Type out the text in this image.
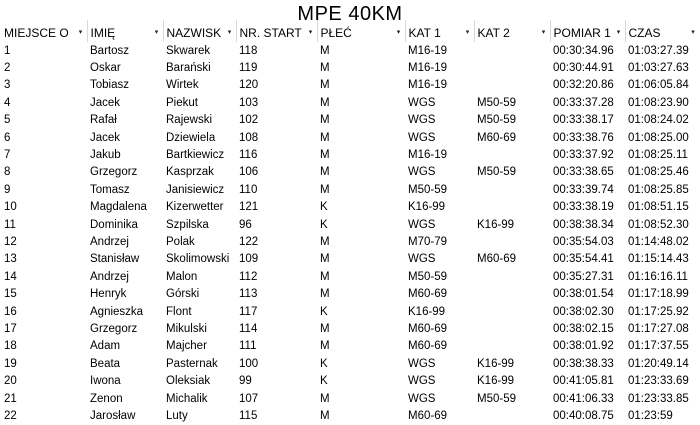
MPE 40KM
MIEJSCE O ▾	IMIĘ ▾	NAZWISK ▾	NR. START ▾	PŁEĆ ▾	KAT 1 ▾	KAT 2 ▾	POMIAR 1 ▾	CZAS ▾

1	Bartosz	Skwarek	118	M	M16-19		00:30:34.96	01:03:27.39
2	Oskar	Barański	119	M	M16-19		00:30:44.91	01:03:27.63
3	Tobiasz	Wirtek	120	M	M16-19		00:32:20.86	01:06:05.84
4	Jacek	Piekut	103	M	WGS	M50-59	00:33:37.28	01:08:23.90
5	Rafał	Rajewski	102	M	WGS	M50-59	00:33:38.17	01:08:24.02
6	Jacek	Dziewiela	108	M	WGS	M60-69	00:33:38.76	01:08:25.00
7	Jakub	Bartkiewicz	116	M	M16-19		00:33:37.92	01:08:25.11
8	Grzegorz	Kasprzak	106	M	WGS	M50-59	00:33:38.65	01:08:25.46
9	Tomasz	Janisiewicz	110	M	M50-59		00:33:39.74	01:08:25.85
10	Magdalena	Kizerwetter	121	K	K16-99		00:33:38.19	01:08:51.15
11	Dominika	Szpilska	96	K	WGS	K16-99	00:38:38.34	01:08:52.30
12	Andrzej	Polak	122	M	M70-79		00:35:54.03	01:14:48.02
13	Stanisław	Skolimowski	109	M	WGS	M60-69	00:35:54.41	01:15:14.43
14	Andrzej	Malon	112	M	M50-59		00:35:27.31	01:16:16.11
15	Henryk	Górski	113	M	M60-69		00:38:01.54	01:17:18.99
16	Agnieszka	Flont	117	K	K16-99		00:38:02.30	01:17:25.92
17	Grzegorz	Mikulski	114	M	M60-69		00:38:02.15	01:17:27.08
18	Adam	Majcher	111	M	M60-69		00:38:01.92	01:17:37.55
19	Beata	Pasternak	100	K	WGS	K16-99	00:38:38.33	01:20:49.14
20	Iwona	Oleksiak	99	K	WGS	K16-99	00:41:05.81	01:23:33.69
21	Zenon	Michalik	107	M	WGS	M50-59	00:41:06.33	01:23:33.85
22	Jarosław	Luty	115	M	M60-69		00:40:08.75	01:23:59
